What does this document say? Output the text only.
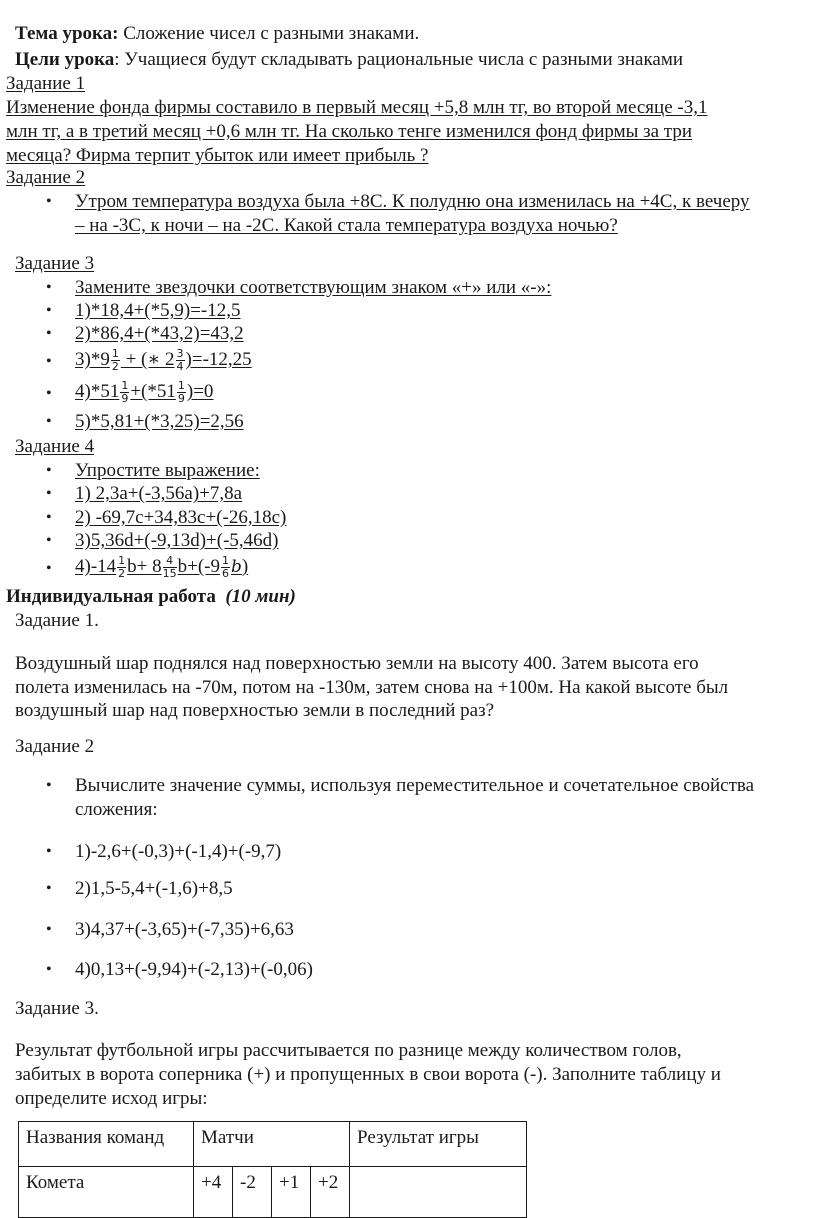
Тема урока: Сложение чисел с разными знаками.
Цели урока: Учащиеся будут складывать рациональные числа с разными знаками
Задание 1
Изменение фонда фирмы составило в первый месяц +5,8 млн тг, во второй месяце -3,1
млн тг, а в третий месяц +0,6 млн тг. На сколько тенге изменился фонд фирмы за три
месяца? Фирма терпит убыток или имеет прибыль ?
Задание 2
• Утром температура воздуха была +8С. К полудню она изменилась на +4С, к вечеру
– на -3С, к ночи – на -2С. Какой стала температура воздуха ночью?
Задание 3
• Замените звездочки соответствующим знаком «+» или «-»:
• 1)*18,4+(*5,9)=-12,5
• 2)*86,4+(*43,2)=43,2
• $3)*9 \frac{1}{2}$ + (∗ $2 \frac{3}{4} )=-12,25$
• $4)*51 \frac{1}{9} +(*51 \frac{1}{9} )=0$
• 5)*5,81+(*3,25)=2,56
Задание 4
• Упростите выражение:
• 1) 2,3a+(-3,56a)+7,8a
• 2) -69,7c+34,83c+(-26,18c)
• 3)5,36d+(-9,13d)+(-5,46d)
• $4)-14 \frac{1}{2} b+ 8 \frac{4}{15} b+(-9 \frac{1}{6} b)$
Индивидуальная работа (10 мин)
Задание 1.
Воздушный шар поднялся над поверхностью земли на высоту 400. Затем высота его
полета изменилась на -70м, потом на -130м, затем снова на +100м. На какой высоте был
воздушный шар над поверхностью земли в последний раз?
Задание 2
• Вычислите значение суммы, используя переместительное и сочетательное свойства
сложения:
• 1)-2,6+(-0,3)+(-1,4)+(-9,7)
• 2)1,5-5,4+(-1,6)+8,5
• 3)4,37+(-3,65)+(-7,35)+6,63
• 4)0,13+(-9,94)+(-2,13)+(-0,06)
Задание 3.
Результат футбольной игры рассчитывается по разнице между количеством голов,
забитых в ворота соперника (+) и пропущенных в свои ворота (-). Заполните таблицу и
определите исход игры:
Названия команд	Матчи				Результат игры
Комета	+4	-2	+1	+2	
